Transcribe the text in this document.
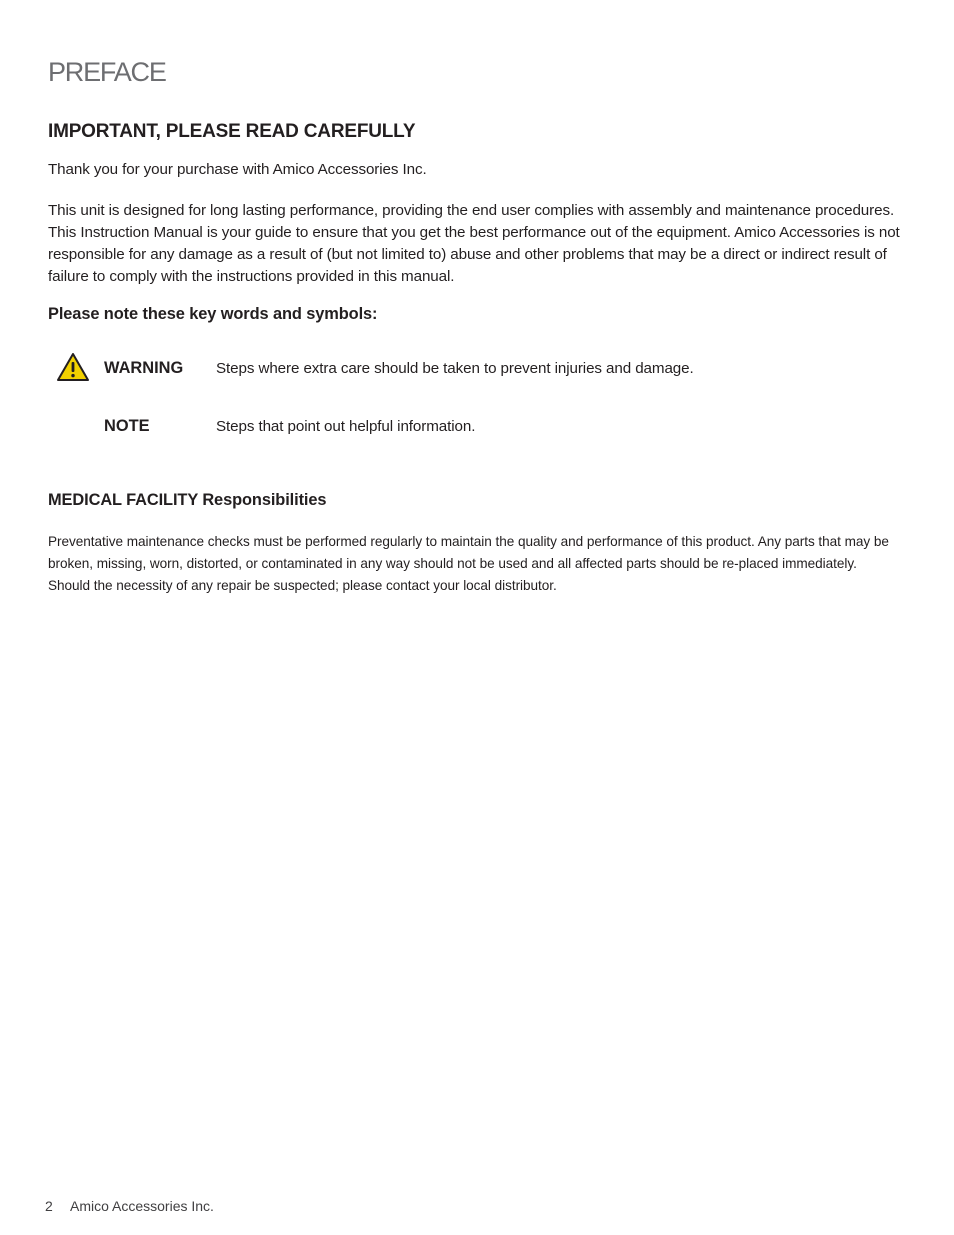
PREFACE
IMPORTANT, PLEASE READ CAREFULLY

Thank you for your purchase with Amico Accessories Inc.

This unit is designed for long lasting performance, providing the end user complies with assembly and maintenance procedures. This Instruction Manual is your guide to ensure that you get the best performance out of the equipment. Amico Accessories is not responsible for any damage as a result of (but not limited to) abuse and other problems that may be a direct or indirect result of failure to comply with the instructions provided in this manual.

Please note these key words and symbols:
WARNING Steps where extra care should be taken to prevent injuries and damage.
NOTE	Steps that point out helpful information.
MEDICAL FACILITY Responsibilities

Preventative maintenance checks must be performed regularly to maintain the quality and performance of this product. Any parts that may be broken, missing, worn, distorted, or contaminated in any way should not be used and all affected parts should be re-placed immediately. Should the necessity of any repair be suspected; please contact your local distributor.

2 Amico Accessories Inc.
